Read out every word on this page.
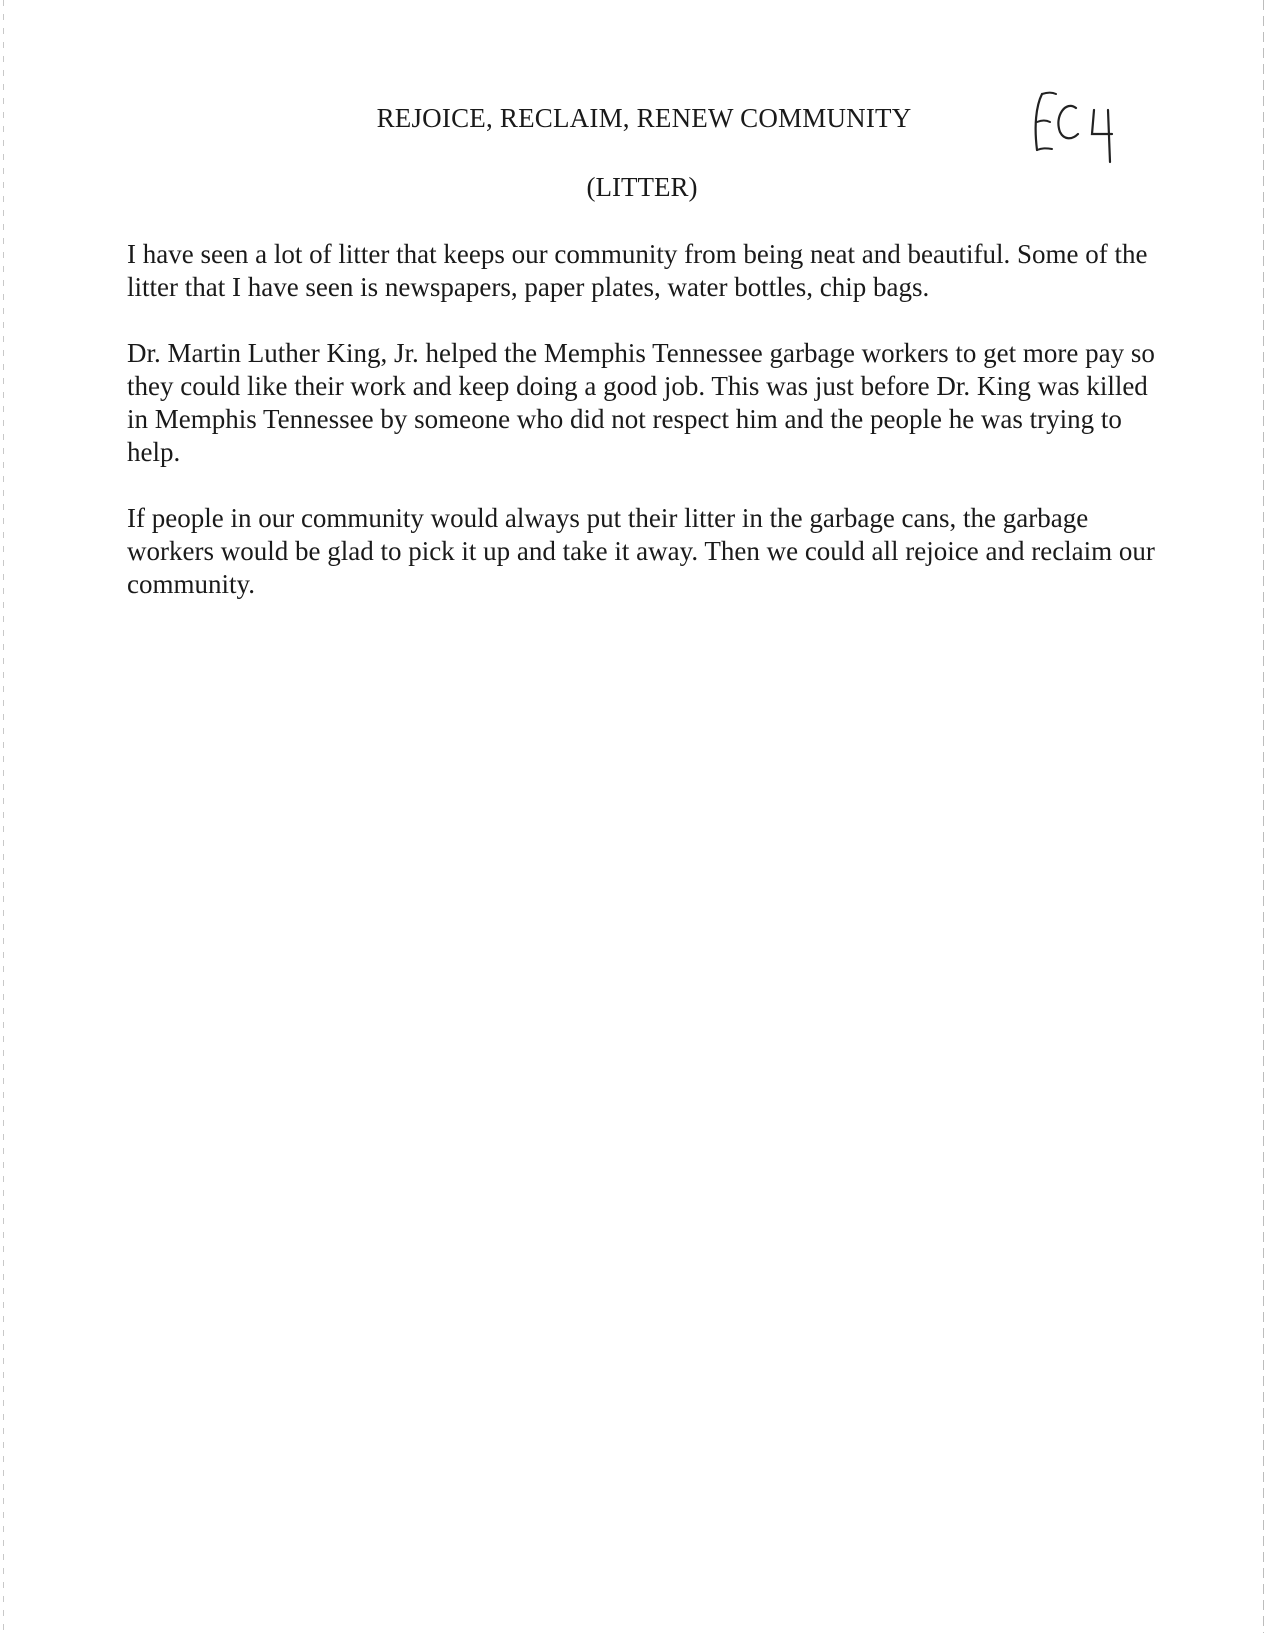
REJOICE, RECLAIM, RENEW COMMUNITY
(LITTER)

I have seen a lot of litter that keeps our community from being neat and beautiful. Some of the litter that I have seen is newspapers, paper plates, water bottles, chip bags.

Dr. Martin Luther King, Jr. helped the Memphis Tennessee garbage workers to get more pay so they could like their work and keep doing a good job. This was just before Dr. King was killed in Memphis Tennessee by someone who did not respect him and the people he was trying to help.

If people in our community would always put their litter in the garbage cans, the garbage workers would be glad to pick it up and take it away. Then we could all rejoice and reclaim our community.
